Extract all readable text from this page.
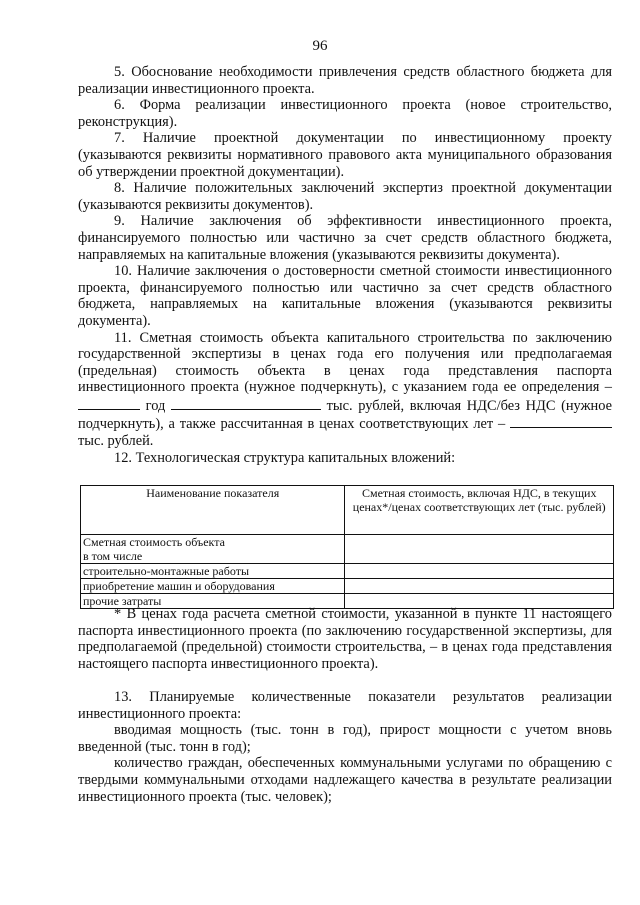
96

5. Обоснование необходимости привлечения средств областного бюджета для реализации инвестиционного проекта.

6. Форма реализации инвестиционного проекта (новое строительство, реконструкция).

7. Наличие проектной документации по инвестиционному проекту (указываются реквизиты нормативного правового акта муниципального образования об утверждении проектной документации).

8. Наличие положительных заключений экспертиз проектной документации (указываются реквизиты документов).

9. Наличие заключения об эффективности инвестиционного проекта, финансируемого полностью или частично за счет средств областного бюджета, направляемых на капитальные вложения (указываются реквизиты документа).

10. Наличие заключения о достоверности сметной стоимости инвестиционного проекта, финансируемого полностью или частично за счет средств областного бюджета, направляемых на капитальные вложения (указываются реквизиты документа).

11. Сметная стоимость объекта капитального строительства по заключению государственной экспертизы в ценах года его получения или предполагаемая (предельная) стоимость объекта в ценах года представления паспорта инвестиционного проекта (нужное подчеркнуть), с указанием года ее определения –  год	тыс. рублей, включая НДС/без НДС (нужное подчеркнуть), а также рассчитанная в ценах соответствующих лет –  тыс. рублей.

12. Технологическая структура капитальных вложений:

Наименование показателя	Сметная стоимость, включая НДС, в текущих ценах*/ценах соответствующих лет (тыс. рублей)
Сметная стоимость объекта
в том числе	
строительно-монтажные работы	
приобретение машин и оборудования	
прочие затраты	

* В ценах года расчета сметной стоимости, указанной в пункте 11 настоящего паспорта инвестиционного проекта (по заключению государственной экспертизы, для предполагаемой (предельной) стоимости строительства, – в ценах года представления настоящего паспорта инвестиционного проекта).

13. Планируемые количественные показатели результатов реализации инвестиционного проекта:

вводимая мощность (тыс. тонн в год), прирост мощности с учетом вновь введенной (тыс. тонн в год);

количество граждан, обеспеченных коммунальными услугами по обращению с твердыми коммунальными отходами надлежащего качества в результате реализации инвестиционного проекта (тыс. человек);
